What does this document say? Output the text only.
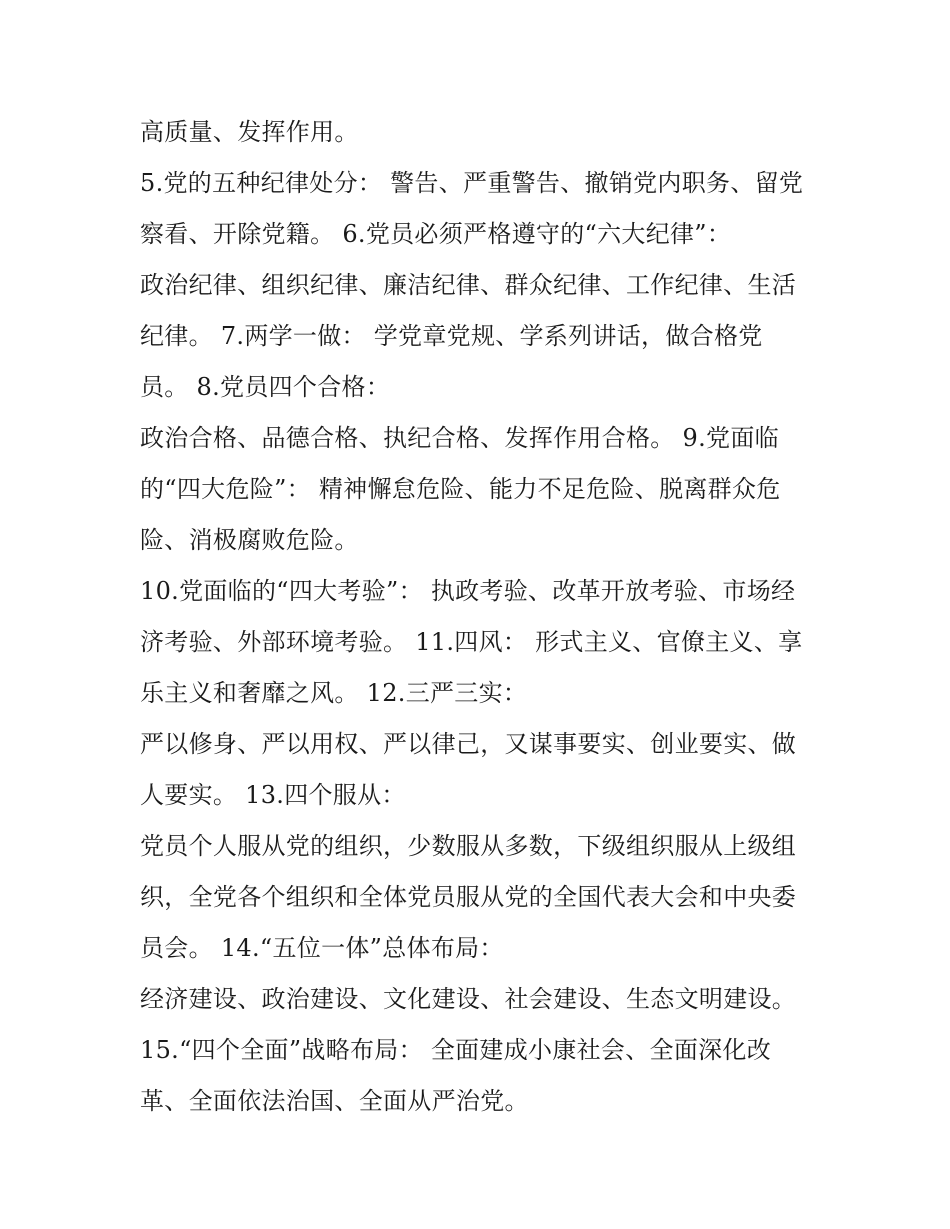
高质量、发挥作用。
5.党的五种纪律处分： 警告、严重警告、撤销党内职务、留党
察看、开除党籍。 6.党员必须严格遵守的“六大纪律”：
政治纪律、组织纪律、廉洁纪律、群众纪律、工作纪律、生活
纪律。 7.两学一做： 学党章党规、学系列讲话，做合格党
员。 8.党员四个合格：
政治合格、品德合格、执纪合格、发挥作用合格。 9.党面临
的“四大危险”： 精神懈怠危险、能力不足危险、脱离群众危
险、消极腐败危险。
10.党面临的“四大考验”： 执政考验、改革开放考验、市场经
济考验、外部环境考验。 11.四风： 形式主义、官僚主义、享
乐主义和奢靡之风。 12.三严三实：
严以修身、严以用权、严以律己，又谋事要实、创业要实、做
人要实。 13.四个服从：
党员个人服从党的组织，少数服从多数，下级组织服从上级组
织，全党各个组织和全体党员服从党的全国代表大会和中央委
员会。 14.“五位一体”总体布局：
经济建设、政治建设、文化建设、社会建设、生态文明建设。
15.“四个全面”战略布局： 全面建成小康社会、全面深化改
革、全面依法治国、全面从严治党。
